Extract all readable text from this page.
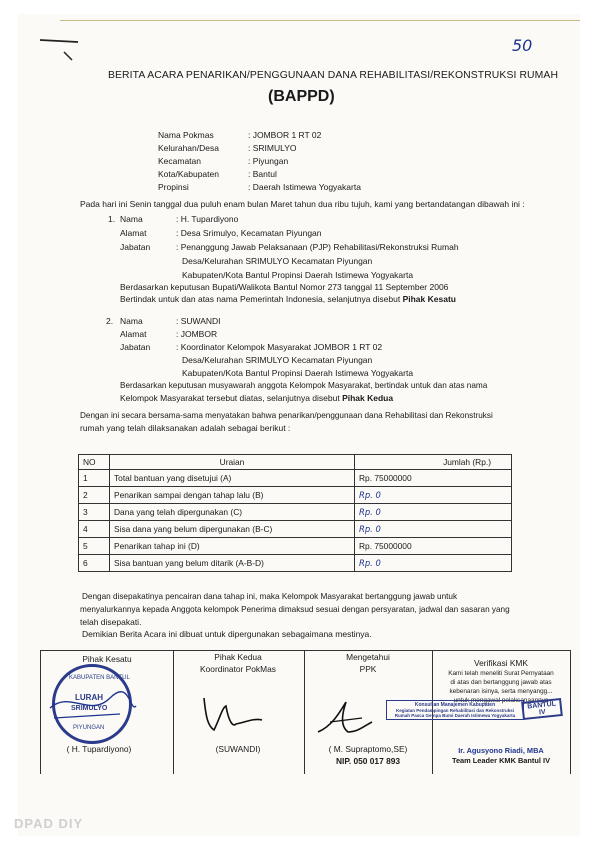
50
BERITA ACARA PENARIKAN/PENGGUNAAN DANA REHABILITASI/REKONSTRUKSI RUMAH
(BAPPD)
Nama Pokmas	: JOMBOR 1 RT 02
Kelurahan/Desa	: SRIMULYO
Kecamatan	: Piyungan
Kota/Kabupaten	: Bantul
Propinsi	: Daerah Istimewa Yogyakarta
Pada hari ini Senin tanggal dua puluh enam bulan Maret tahun dua ribu tujuh, kami yang bertandatangan dibawah ini :
1. Nama	: H. Tupardiyono
Alamat	: Desa Srimulyo, Kecamatan Piyungan
Jabatan	: Penanggung Jawab Pelaksanaan (PJP) Rehabilitasi/Rekonstruksi Rumah
Desa/Kelurahan SRIMULYO Kecamatan Piyungan
Kabupaten/Kota Bantul Propinsi Daerah Istimewa Yogyakarta
Berdasarkan keputusan Bupati/Walikota Bantul Nomor 273 tanggal 11 September 2006
Bertindak untuk dan atas nama Pemerintah Indonesia, selanjutnya disebut Pihak Kesatu
2. Nama	: SUWANDI
Alamat	: JOMBOR
Jabatan	: Koordinator Kelompok Masyarakat JOMBOR 1 RT 02
Desa/Kelurahan SRIMULYO Kecamatan Piyungan
Kabupaten/Kota Bantul Propinsi Daerah Istimewa Yogyakarta
Berdasarkan keputusan musyawarah anggota Kelompok Masyarakat, bertindak untuk dan atas nama
Kelompok Masyarakat tersebut diatas, selanjutnya disebut Pihak Kedua
Dengan ini secara bersama-sama menyatakan bahwa penarikan/penggunaan dana Rehabilitasi dan Rekonstruksi
rumah yang telah dilaksanakan adalah sebagai berikut :
NO	Uraian	Jumlah (Rp.)
1	Total bantuan yang disetujui (A)	Rp. 75000000
2	Penarikan sampai dengan tahap lalu (B)	Rp. 0
3	Dana yang telah dipergunakan (C)	Rp. 0
4	Sisa dana yang belum dipergunakan (B-C)	Rp. 0
5	Penarikan tahap ini (D)	Rp. 75000000
6	Sisa bantuan yang belum ditarik (A-B-D)	Rp. 0
Dengan disepakatinya pencairan dana tahap ini, maka Kelompok Masyarakat bertanggung jawab untuk
menyalurkannya kepada Anggota kelompok Penerima dimaksud sesuai dengan persyaratan, jadwal dan sasaran yang
telah disepakati.
Demikian Berita Acara ini dibuat untuk dipergunakan sebagaimana mestinya.
Pihak Kesatu
( H. Tupardiyono)
Pihak Kedua
Koordinator PokMas
(SUWANDI)
Mengetahui
PPK
( M. Supraptomo,SE)
NIP. 050 017 893
Verifikasi KMK
Kami telah meneliti Surat Pernyataan
di atas dan bertanggung jawab atas
kebenaran isinya, serta menyangg...
untuk mengawal pelaksanaannya
Ir. Agusyono Riadi, MBA
Team Leader KMK Bantul IV
KABUPATEN BANTUL
LURAH
SRIMULYO
PIYUNGAN
Konsultan Manajemen Kabupaten
Kegiatan Pendampingan Rehabilitasi dan Rekonstruksi
Rumah Pasca Gempa Bumi Daerah Istimewa Yogyakarta
BANTUL
IV
DPAD DIY
